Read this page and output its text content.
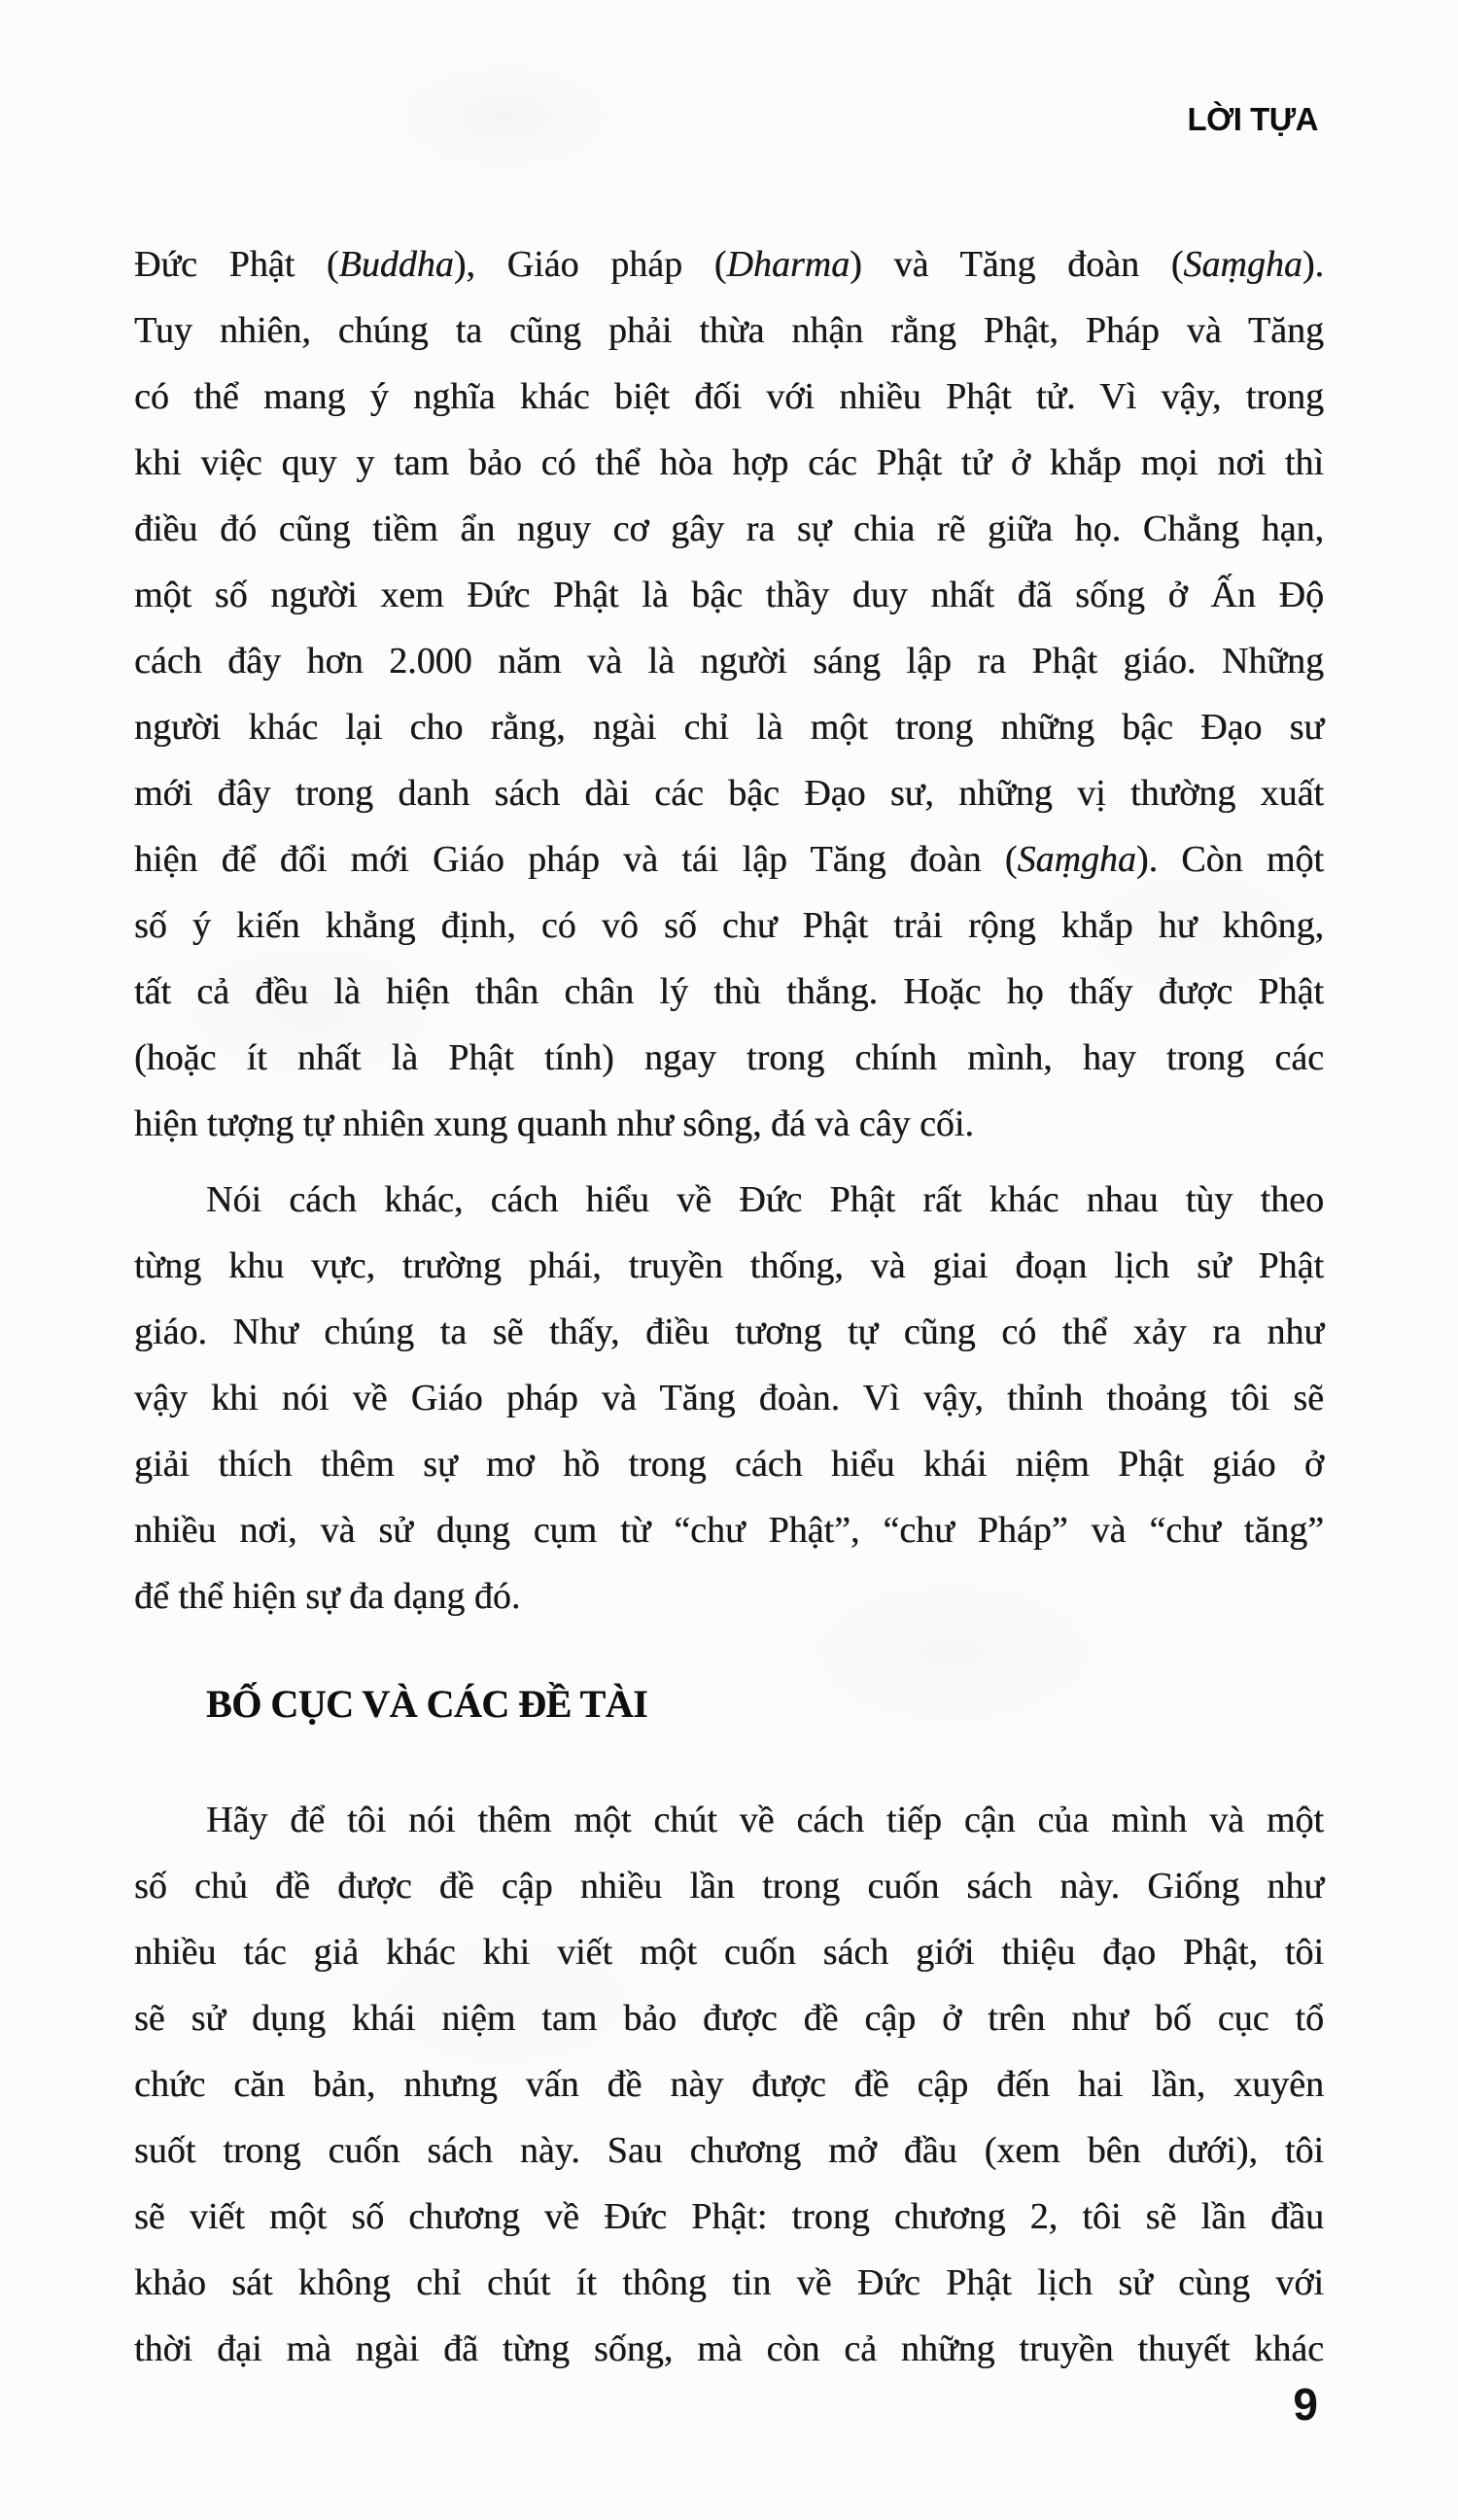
LỜI TỰA
Đức Phật (Buddha), Giáo pháp (Dharma) và Tăng đoàn (Saṃgha).
Tuy nhiên, chúng ta cũng phải thừa nhận rằng Phật, Pháp và Tăng
có thể mang ý nghĩa khác biệt đối với nhiều Phật tử. Vì vậy, trong
khi việc quy y tam bảo có thể hòa hợp các Phật tử ở khắp mọi nơi thì
điều đó cũng tiềm ẩn nguy cơ gây ra sự chia rẽ giữa họ. Chẳng hạn,
một số người xem Đức Phật là bậc thầy duy nhất đã sống ở Ấn Độ
cách đây hơn 2.000 năm và là người sáng lập ra Phật giáo. Những
người khác lại cho rằng, ngài chỉ là một trong những bậc Đạo sư
mới đây trong danh sách dài các bậc Đạo sư, những vị thường xuất
hiện để đổi mới Giáo pháp và tái lập Tăng đoàn (Saṃgha). Còn một
số ý kiến khẳng định, có vô số chư Phật trải rộng khắp hư không,
tất cả đều là hiện thân chân lý thù thắng. Hoặc họ thấy được Phật
(hoặc ít nhất là Phật tính) ngay trong chính mình, hay trong các
hiện tượng tự nhiên xung quanh như sông, đá và cây cối.
Nói cách khác, cách hiểu về Đức Phật rất khác nhau tùy theo
từng khu vực, trường phái, truyền thống, và giai đoạn lịch sử Phật
giáo. Như chúng ta sẽ thấy, điều tương tự cũng có thể xảy ra như
vậy khi nói về Giáo pháp và Tăng đoàn. Vì vậy, thỉnh thoảng tôi sẽ
giải thích thêm sự mơ hồ trong cách hiểu khái niệm Phật giáo ở
nhiều nơi, và sử dụng cụm từ “chư Phật”, “chư Pháp” và “chư tăng”
để thể hiện sự đa dạng đó.
BỐ CỤC VÀ CÁC ĐỀ TÀI
Hãy để tôi nói thêm một chút về cách tiếp cận của mình và một
số chủ đề được đề cập nhiều lần trong cuốn sách này. Giống như
nhiều tác giả khác khi viết một cuốn sách giới thiệu đạo Phật, tôi
sẽ sử dụng khái niệm tam bảo được đề cập ở trên như bố cục tổ
chức căn bản, nhưng vấn đề này được đề cập đến hai lần, xuyên
suốt trong cuốn sách này. Sau chương mở đầu (xem bên dưới), tôi
sẽ viết một số chương về Đức Phật: trong chương 2, tôi sẽ lần đầu
khảo sát không chỉ chút ít thông tin về Đức Phật lịch sử cùng với
thời đại mà ngài đã từng sống, mà còn cả những truyền thuyết khác
9
